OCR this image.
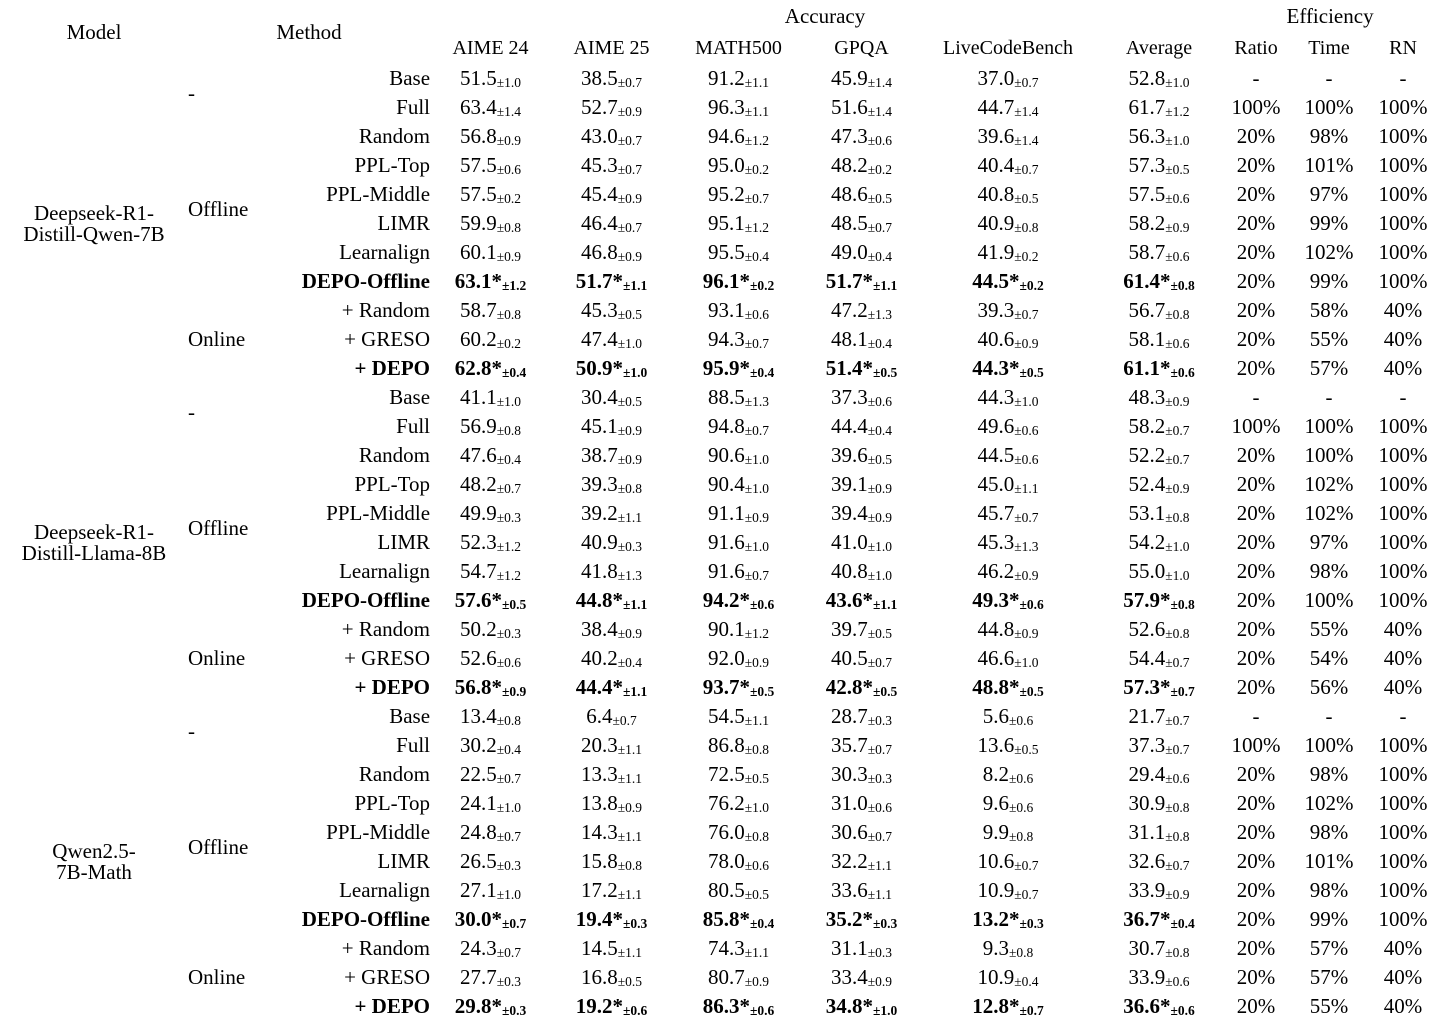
Model	Method		Accuracy						Efficiency		
			AIME 24	AIME 25	MATH500	GPQA	LiveCodeBench	Average	Ratio	Time	RN

Deepseek-R1-
Distill-Qwen-7B	-	Base	51.5±1.0	38.5±0.7	91.2±1.1	45.9±1.4	37.0±0.7	52.8±1.0	-	-	-
		Full	63.4±1.4	52.7±0.9	96.3±1.1	51.6±1.4	44.7±1.4	61.7±1.2	100%	100%	100%
	Offline	Random	56.8±0.9	43.0±0.7	94.6±1.2	47.3±0.6	39.6±1.4	56.3±1.0	20%	98%	100%
		PPL-Top	57.5±0.6	45.3±0.7	95.0±0.2	48.2±0.2	40.4±0.7	57.3±0.5	20%	101%	100%
		PPL-Middle	57.5±0.2	45.4±0.9	95.2±0.7	48.6±0.5	40.8±0.5	57.5±0.6	20%	97%	100%
		LIMR	59.9±0.8	46.4±0.7	95.1±1.2	48.5±0.7	40.9±0.8	58.2±0.9	20%	99%	100%
		Learnalign	60.1±0.9	46.8±0.9	95.5±0.4	49.0±0.4	41.9±0.2	58.7±0.6	20%	102%	100%
		DEPO-Offline	63.1*±1.2	51.7*±1.1	96.1*±0.2	51.7*±1.1	44.5*±0.2	61.4*±0.8	20%	99%	100%
	Online	+ Random	58.7±0.8	45.3±0.5	93.1±0.6	47.2±1.3	39.3±0.7	56.7±0.8	20%	58%	40%
		+ GRESO	60.2±0.2	47.4±1.0	94.3±0.7	48.1±0.4	40.6±0.9	58.1±0.6	20%	55%	40%
		+ DEPO	62.8*±0.4	50.9*±1.0	95.9*±0.4	51.4*±0.5	44.3*±0.5	61.1*±0.6	20%	57%	40%

Deepseek-R1-
Distill-Llama-8B	-	Base	41.1±1.0	30.4±0.5	88.5±1.3	37.3±0.6	44.3±1.0	48.3±0.9	-	-	-
		Full	56.9±0.8	45.1±0.9	94.8±0.7	44.4±0.4	49.6±0.6	58.2±0.7	100%	100%	100%
	Offline	Random	47.6±0.4	38.7±0.9	90.6±1.0	39.6±0.5	44.5±0.6	52.2±0.7	20%	100%	100%
		PPL-Top	48.2±0.7	39.3±0.8	90.4±1.0	39.1±0.9	45.0±1.1	52.4±0.9	20%	102%	100%
		PPL-Middle	49.9±0.3	39.2±1.1	91.1±0.9	39.4±0.9	45.7±0.7	53.1±0.8	20%	102%	100%
		LIMR	52.3±1.2	40.9±0.3	91.6±1.0	41.0±1.0	45.3±1.3	54.2±1.0	20%	97%	100%
		Learnalign	54.7±1.2	41.8±1.3	91.6±0.7	40.8±1.0	46.2±0.9	55.0±1.0	20%	98%	100%
		DEPO-Offline	57.6*±0.5	44.8*±1.1	94.2*±0.6	43.6*±1.1	49.3*±0.6	57.9*±0.8	20%	100%	100%
	Online	+ Random	50.2±0.3	38.4±0.9	90.1±1.2	39.7±0.5	44.8±0.9	52.6±0.8	20%	55%	40%
		+ GRESO	52.6±0.6	40.2±0.4	92.0±0.9	40.5±0.7	46.6±1.0	54.4±0.7	20%	54%	40%
		+ DEPO	56.8*±0.9	44.4*±1.1	93.7*±0.5	42.8*±0.5	48.8*±0.5	57.3*±0.7	20%	56%	40%

Qwen2.5-
7B-Math	-	Base	13.4±0.8	6.4±0.7	54.5±1.1	28.7±0.3	5.6±0.6	21.7±0.7	-	-	-
		Full	30.2±0.4	20.3±1.1	86.8±0.8	35.7±0.7	13.6±0.5	37.3±0.7	100%	100%	100%
	Offline	Random	22.5±0.7	13.3±1.1	72.5±0.5	30.3±0.3	8.2±0.6	29.4±0.6	20%	98%	100%
		PPL-Top	24.1±1.0	13.8±0.9	76.2±1.0	31.0±0.6	9.6±0.6	30.9±0.8	20%	102%	100%
		PPL-Middle	24.8±0.7	14.3±1.1	76.0±0.8	30.6±0.7	9.9±0.8	31.1±0.8	20%	98%	100%
		LIMR	26.5±0.3	15.8±0.8	78.0±0.6	32.2±1.1	10.6±0.7	32.6±0.7	20%	101%	100%
		Learnalign	27.1±1.0	17.2±1.1	80.5±0.5	33.6±1.1	10.9±0.7	33.9±0.9	20%	98%	100%
		DEPO-Offline	30.0*±0.7	19.4*±0.3	85.8*±0.4	35.2*±0.3	13.2*±0.3	36.7*±0.4	20%	99%	100%
	Online	+ Random	24.3±0.7	14.5±1.1	74.3±1.1	31.1±0.3	9.3±0.8	30.7±0.8	20%	57%	40%
		+ GRESO	27.7±0.3	16.8±0.5	80.7±0.9	33.4±0.9	10.9±0.4	33.9±0.6	20%	57%	40%
		+ DEPO	29.8*±0.3	19.2*±0.6	86.3*±0.6	34.8*±1.0	12.8*±0.7	36.6*±0.6	20%	55%	40%
